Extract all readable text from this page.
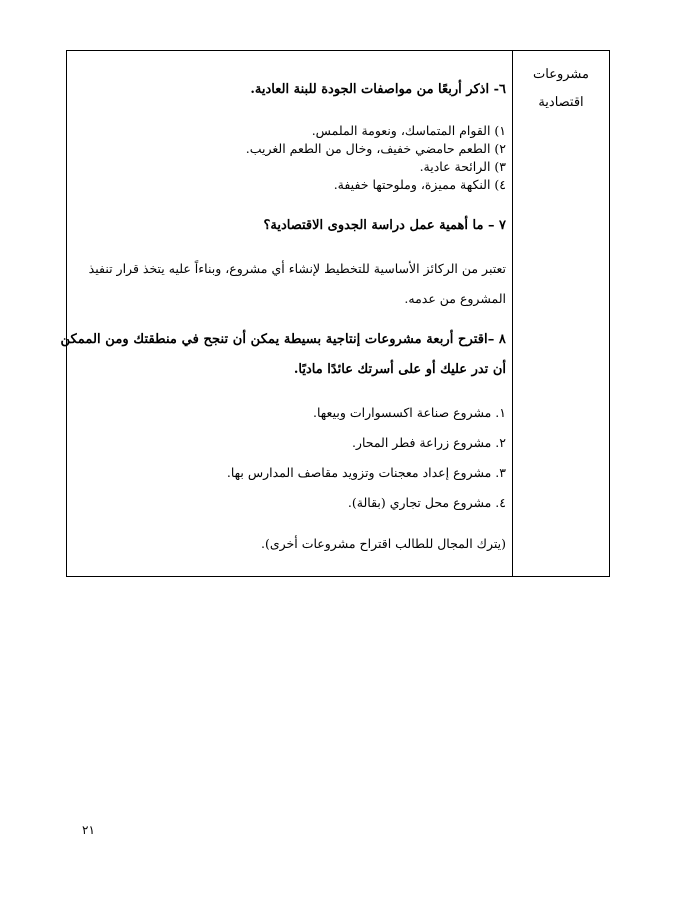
مشروعات
اقتصادية
٦- اذكر أربعًا من مواصفات الجودة للبنة العادية.
١) القوام المتماسك، ونعومة الملمس.
٢) الطعم حامضي خفيف، وخال من الطعم الغريب.
٣) الرائحة عادية.
٤) النكهة مميزة، وملوحتها خفيفة.
٧ – ما أهمية عمل دراسة الجدوى الاقتصادية؟
تعتبر من الركائز الأساسية للتخطيط لإنشاء أي مشروع، وبناءاً عليه يتخذ قرار تنفيذ
المشروع من عدمه.
٨ –اقترح أربعة مشروعات إنتاجية بسيطة يمكن أن تنجح في منطقتك ومن الممكن
أن تدر عليك أو على أسرتك عائدًا ماديًا.
١. مشروع صناعة اكسسوارات وبيعها.
٢. مشروع زراعة فطر المحار.
٣. مشروع إعداد معجنات وتزويد مقاصف المدارس بها.
٤. مشروع محل تجاري (بقالة).
(يترك المجال للطالب اقتراح مشروعات أخرى).
٢١
